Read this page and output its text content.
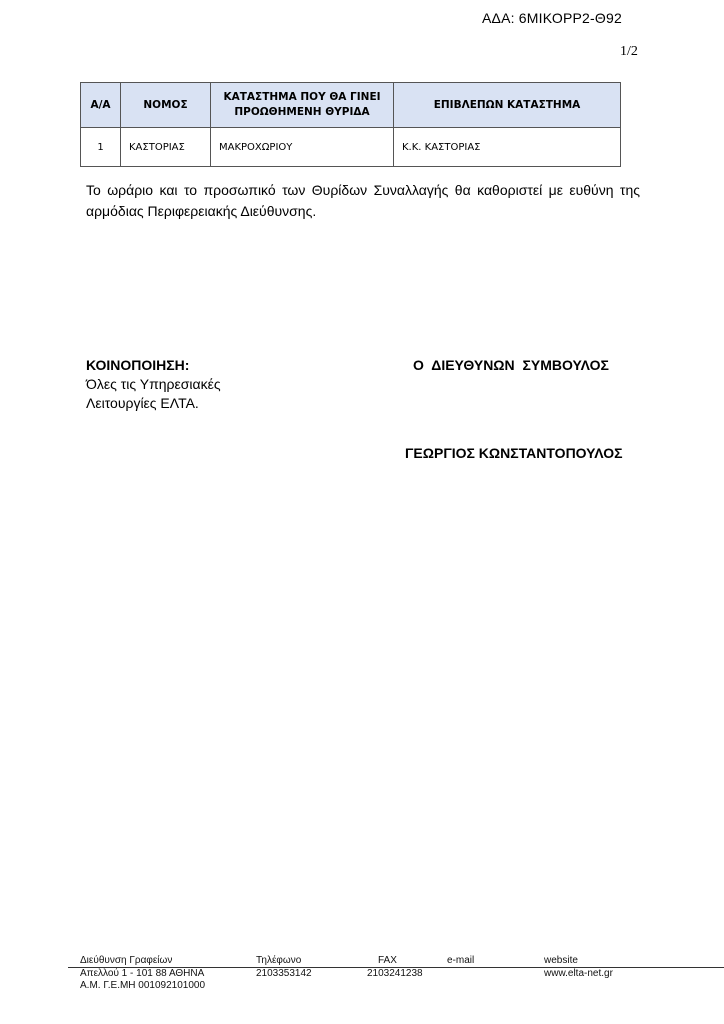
ΑΔΑ: 6ΜΙΚΟΡΡ2-Θ92
1/2
Α/Α	ΝΟΜΟΣ	ΚΑΤΑΣΤΗΜΑ ΠΟΥ ΘΑ ΓΙΝΕΙ ΠΡΟΩΘΗΜΕΝΗ ΘΥΡΙΔΑ	ΕΠΙΒΛΕΠΩΝ ΚΑΤΑΣΤΗΜΑ
1	ΚΑΣΤΟΡΙΑΣ	ΜΑΚΡΟΧΩΡΙΟΥ	Κ.Κ. ΚΑΣΤΟΡΙΑΣ
Το ωράριο και το προσωπικό των Θυρίδων Συναλλαγής θα καθοριστεί με ευθύνη της αρμόδιας Περιφερειακής Διεύθυνσης.
ΚΟΙΝΟΠΟΙΗΣΗ:
Όλες τις Υπηρεσιακές
Λειτουργίες ΕΛΤΑ.
Ο ΔΙΕΥΘΥΝΩΝ ΣΥΜΒΟΥΛΟΣ
ΓΕΩΡΓΙΟΣ ΚΩΝΣΤΑΝΤΟΠΟΥΛΟΣ
Διεύθυνση Γραφείων	Τηλέφωνο	FAX	e-mail	website
Απελλού 1 - 101 88 ΑΘΗΝΑ
Α.Μ. Γ.Ε.ΜΗ 001092101000
2103353142	2103241238	www.elta-net.gr
